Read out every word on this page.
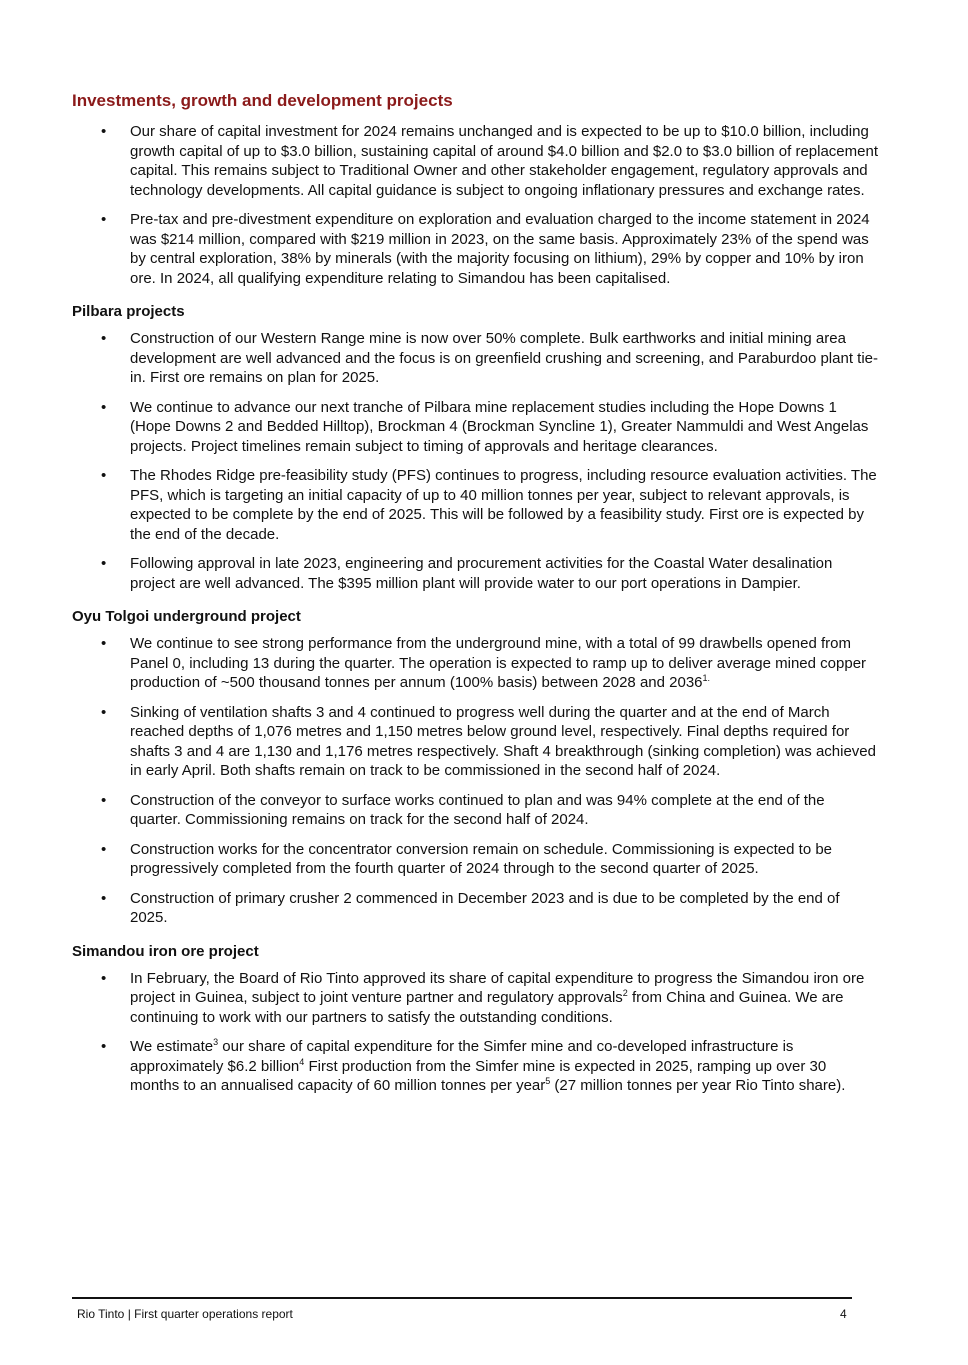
Investments, growth and development projects
• Our share of capital investment for 2024 remains unchanged and is expected to be up to $10.0 billion, including growth capital of up to $3.0 billion, sustaining capital of around $4.0 billion and $2.0 to $3.0 billion of replacement capital. This remains subject to Traditional Owner and other stakeholder engagement, regulatory approvals and technology developments. All capital guidance is subject to ongoing inflationary pressures and exchange rates.
• Pre-tax and pre-divestment expenditure on exploration and evaluation charged to the income statement in 2024 was $214 million, compared with $219 million in 2023, on the same basis. Approximately 23% of the spend was by central exploration, 38% by minerals (with the majority focusing on lithium), 29% by copper and 10% by iron ore. In 2024, all qualifying expenditure relating to Simandou has been capitalised.
Pilbara projects
• Construction of our Western Range mine is now over 50% complete. Bulk earthworks and initial mining area development are well advanced and the focus is on greenfield crushing and screening, and Paraburdoo plant tie-in. First ore remains on plan for 2025.
• We continue to advance our next tranche of Pilbara mine replacement studies including the Hope Downs 1 (Hope Downs 2 and Bedded Hilltop), Brockman 4 (Brockman Syncline 1), Greater Nammuldi and West Angelas projects. Project timelines remain subject to timing of approvals and heritage clearances.
• The Rhodes Ridge pre-feasibility study (PFS) continues to progress, including resource evaluation activities. The PFS, which is targeting an initial capacity of up to 40 million tonnes per year, subject to relevant approvals, is expected to be complete by the end of 2025. This will be followed by a feasibility study. First ore is expected by the end of the decade.
• Following approval in late 2023, engineering and procurement activities for the Coastal Water desalination project are well advanced. The $395 million plant will provide water to our port operations in Dampier.
Oyu Tolgoi underground project
• We continue to see strong performance from the underground mine, with a total of 99 drawbells opened from Panel 0, including 13 during the quarter. The operation is expected to ramp up to deliver average mined copper production of ~500 thousand tonnes per annum (100% basis) between 2028 and $2036^{1.}$
• Sinking of ventilation shafts 3 and 4 continued to progress well during the quarter and at the end of March reached depths of 1,076 metres and 1,150 metres below ground level, respectively. Final depths required for shafts 3 and 4 are 1,130 and 1,176 metres respectively. Shaft 4 breakthrough (sinking completion) was achieved in early April. Both shafts remain on track to be commissioned in the second half of 2024.
• Construction of the conveyor to surface works continued to plan and was 94% complete at the end of the quarter. Commissioning remains on track for the second half of 2024.
• Construction works for the concentrator conversion remain on schedule. Commissioning is expected to be progressively completed from the fourth quarter of 2024 through to the second quarter of 2025.
• Construction of primary crusher 2 commenced in December 2023 and is due to be completed by the end of 2025.
Simandou iron ore project
• In February, the Board of Rio Tinto approved its share of capital expenditure to progress the Simandou iron ore project in Guinea, subject to joint venture partner and regulatory approvals$^2$ from China and Guinea. We are continuing to work with our partners to satisfy the outstanding conditions.
• We estimate$^3$ our share of capital expenditure for the Simfer mine and co-developed infrastructure is approximately $6.2 billion$^4$ First production from the Simfer mine is expected in 2025, ramping up over 30 months to an annualised capacity of 60 million tonnes per year$^5$ (27 million tonnes per year Rio Tinto share).
Rio Tinto | First quarter operations report	4
